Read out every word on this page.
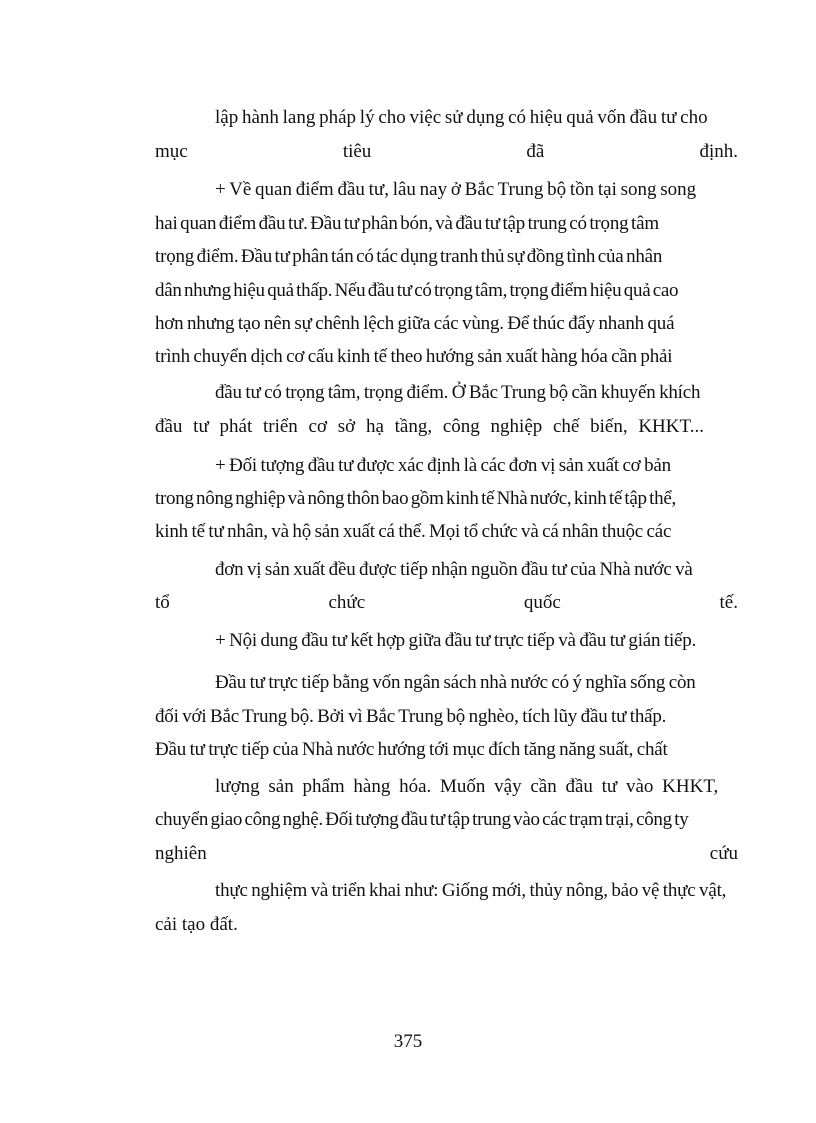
lập hành lang pháp lý cho việc sử dụng có hiệu quả vốn đầu tư cho
mục tiêu đã định.
+ Về quan điểm đầu tư, lâu nay ở Bắc Trung bộ tồn tại song song
hai quan điểm đầu tư. Đầu tư phân bón, và đầu tư tập trung có trọng tâm
trọng điểm. Đầu tư phân tán có tác dụng tranh thủ sự đồng tình của nhân
dân nhưng hiệu quả thấp. Nếu đầu tư có trọng tâm, trọng điểm hiệu quả cao
hơn nhưng tạo nên sự chênh lệch giữa các vùng. Để thúc đẩy nhanh quá
trình chuyển dịch cơ cấu kinh tế theo hướng sản xuất hàng hóa cần phải
đầu tư có trọng tâm, trọng điểm. Ở Bắc Trung bộ cần khuyến khích
đầu tư phát triển cơ sở hạ tầng, công nghiệp chế biến, KHKT...
+ Đối tượng đầu tư được xác định là các đơn vị sản xuất cơ bản
trong nông nghiệp và nông thôn bao gồm kinh tế Nhà nước, kinh tế tập thể,
kinh tế tư nhân, và hộ sản xuất cá thể. Mọi tổ chức và cá nhân thuộc các
đơn vị sản xuất đều được tiếp nhận nguồn đầu tư của Nhà nước và
tổ chức quốc tế.
+ Nội dung đầu tư kết hợp giữa đầu tư trực tiếp và đầu tư gián tiếp.
Đầu tư trực tiếp bằng vốn ngân sách nhà nước có ý nghĩa sống còn
đối với Bắc Trung bộ. Bởi vì Bắc Trung bộ nghèo, tích lũy đầu tư thấp.
Đầu tư trực tiếp của Nhà nước hướng tới mục đích tăng năng suất, chất
lượng sản phẩm hàng hóa. Muốn vậy cần đầu tư vào KHKT,
chuyển giao công nghệ. Đối tượng đầu tư tập trung vào các trạm trại, công ty
nghiên cứu
thực nghiệm và triển khai như: Giống mới, thủy nông, bảo vệ thực vật,
cải tạo đất.
375
